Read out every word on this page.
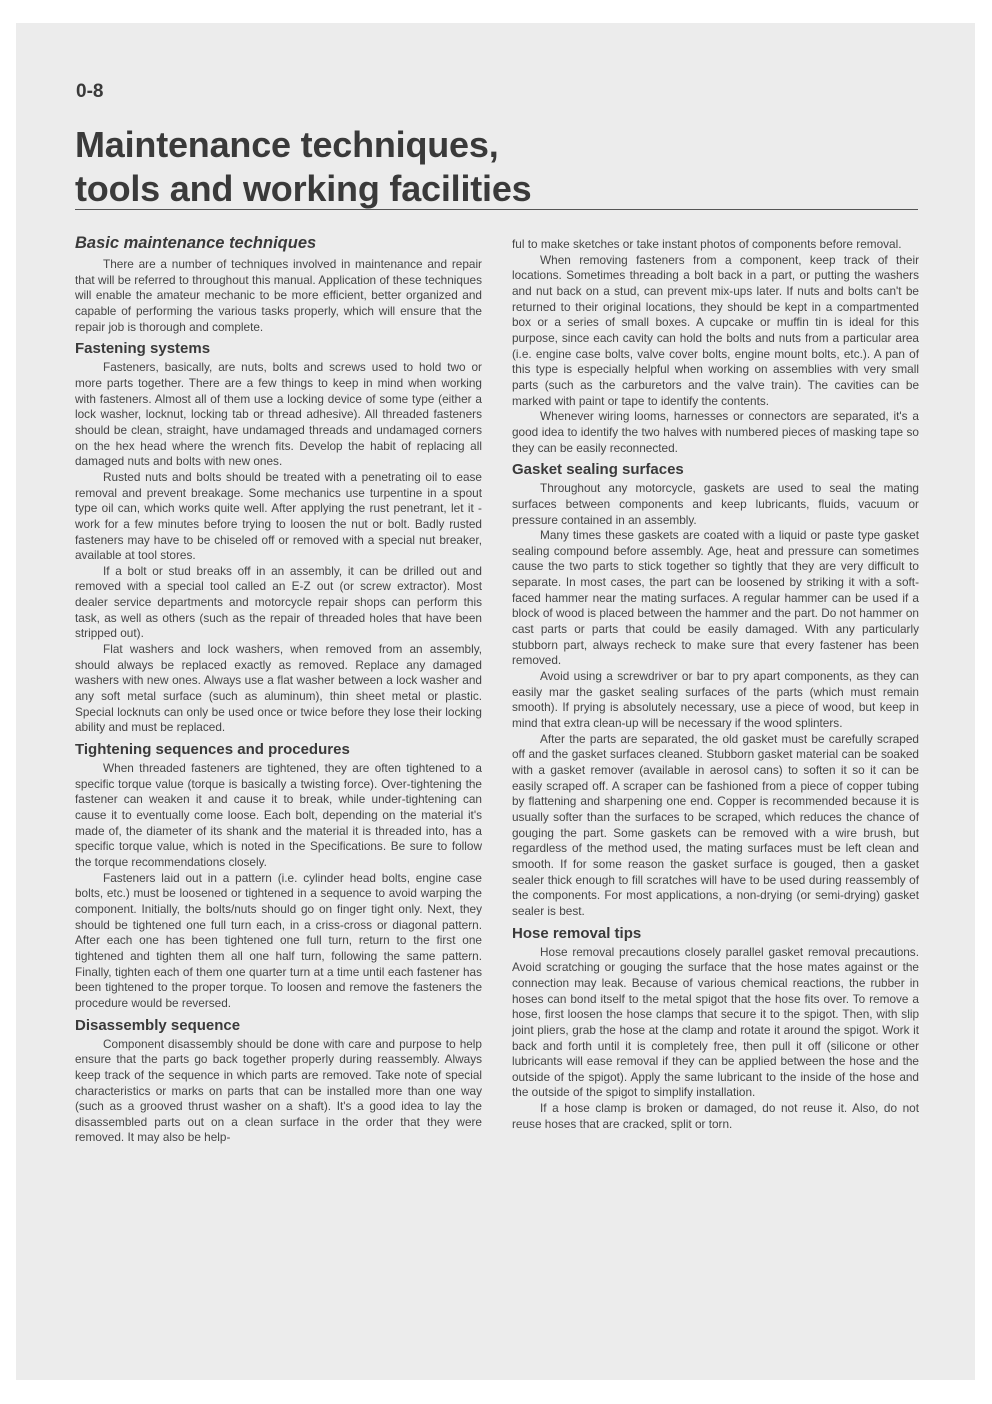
0-8

Maintenance techniques,
tools and working facilities
Basic maintenance techniques

There are a number of techniques involved in maintenance and repair that will be referred to throughout this manual. Application of these techniques will enable the amateur mechanic to be more efficient, better organized and capable of performing the various tasks properly, which will ensure that the repair job is thorough and complete.

Fastening systems

Fasteners, basically, are nuts, bolts and screws used to hold two or more parts together. There are a few things to keep in mind when working with fasteners. Almost all of them use a locking device of some type (either a lock washer, locknut, locking tab or thread adhesive). All threaded fasteners should be clean, straight, have undamaged threads and undamaged corners on the hex head where the wrench fits. Develop the habit of replacing all damaged nuts and bolts with new ones.

Rusted nuts and bolts should be treated with a penetrating oil to ease removal and prevent breakage. Some mechanics use turpentine in a spout type oil can, which works quite well. After applying the rust penetrant, let it -work for a few minutes before trying to loosen the nut or bolt. Badly rusted fasteners may have to be chiseled off or removed with a special nut breaker, available at tool stores.

If a bolt or stud breaks off in an assembly, it can be drilled out and removed with a special tool called an E-Z out (or screw extractor). Most dealer service departments and motorcycle repair shops can perform this task, as well as others (such as the repair of threaded holes that have been stripped out).

Flat washers and lock washers, when removed from an assembly, should always be replaced exactly as removed. Replace any damaged washers with new ones. Always use a flat washer between a lock washer and any soft metal surface (such as aluminum), thin sheet metal or plastic. Special locknuts can only be used once or twice before they lose their locking ability and must be replaced.

Tightening sequences and procedures

When threaded fasteners are tightened, they are often tightened to a specific torque value (torque is basically a twisting force). Over-tightening the fastener can weaken it and cause it to break, while under-tightening can cause it to eventually come loose. Each bolt, depending on the material it's made of, the diameter of its shank and the material it is threaded into, has a specific torque value, which is noted in the Specifications. Be sure to follow the torque recommendations closely.

Fasteners laid out in a pattern (i.e. cylinder head bolts, engine case bolts, etc.) must be loosened or tightened in a sequence to avoid warping the component. Initially, the bolts/nuts should go on finger tight only. Next, they should be tightened one full turn each, in a criss-cross or diagonal pattern. After each one has been tightened one full turn, return to the first one tightened and tighten them all one half turn, following the same pattern. Finally, tighten each of them one quarter turn at a time until each fastener has been tightened to the proper torque. To loosen and remove the fasteners the procedure would be reversed.

Disassembly sequence

Component disassembly should be done with care and purpose to help ensure that the parts go back together properly during reassembly. Always keep track of the sequence in which parts are removed. Take note of special characteristics or marks on parts that can be installed more than one way (such as a grooved thrust washer on a shaft). It's a good idea to lay the disassembled parts out on a clean surface in the order that they were removed. It may also be help-

ful to make sketches or take instant photos of components before removal.

When removing fasteners from a component, keep track of their locations. Sometimes threading a bolt back in a part, or putting the washers and nut back on a stud, can prevent mix-ups later. If nuts and bolts can't be returned to their original locations, they should be kept in a compartmented box or a series of small boxes. A cupcake or muffin tin is ideal for this purpose, since each cavity can hold the bolts and nuts from a particular area (i.e. engine case bolts, valve cover bolts, engine mount bolts, etc.). A pan of this type is especially helpful when working on assemblies with very small parts (such as the carburetors and the valve train). The cavities can be marked with paint or tape to identify the contents.

Whenever wiring looms, harnesses or connectors are separated, it's a good idea to identify the two halves with numbered pieces of masking tape so they can be easily reconnected.

Gasket sealing surfaces

Throughout any motorcycle, gaskets are used to seal the mating surfaces between components and keep lubricants, fluids, vacuum or pressure contained in an assembly.

Many times these gaskets are coated with a liquid or paste type gasket sealing compound before assembly. Age, heat and pressure can sometimes cause the two parts to stick together so tightly that they are very difficult to separate. In most cases, the part can be loosened by striking it with a soft-faced hammer near the mating surfaces. A regular hammer can be used if a block of wood is placed between the hammer and the part. Do not hammer on cast parts or parts that could be easily damaged. With any particularly stubborn part, always recheck to make sure that every fastener has been removed.

Avoid using a screwdriver or bar to pry apart components, as they can easily mar the gasket sealing surfaces of the parts (which must remain smooth). If prying is absolutely necessary, use a piece of wood, but keep in mind that extra clean-up will be necessary if the wood splinters.

After the parts are separated, the old gasket must be carefully scraped off and the gasket surfaces cleaned. Stubborn gasket material can be soaked with a gasket remover (available in aerosol cans) to soften it so it can be easily scraped off. A scraper can be fashioned from a piece of copper tubing by flattening and sharpening one end. Copper is recommended because it is usually softer than the surfaces to be scraped, which reduces the chance of gouging the part. Some gaskets can be removed with a wire brush, but regardless of the method used, the mating surfaces must be left clean and smooth. If for some reason the gasket surface is gouged, then a gasket sealer thick enough to fill scratches will have to be used during reassembly of the components. For most applications, a non-drying (or semi-drying) gasket sealer is best.

Hose removal tips

Hose removal precautions closely parallel gasket removal precautions. Avoid scratching or gouging the surface that the hose mates against or the connection may leak. Because of various chemical reactions, the rubber in hoses can bond itself to the metal spigot that the hose fits over. To remove a hose, first loosen the hose clamps that secure it to the spigot. Then, with slip joint pliers, grab the hose at the clamp and rotate it around the spigot. Work it back and forth until it is completely free, then pull it off (silicone or other lubricants will ease removal if they can be applied between the hose and the outside of the spigot). Apply the same lubricant to the inside of the hose and the outside of the spigot to simplify installation.

If a hose clamp is broken or damaged, do not reuse it. Also, do not reuse hoses that are cracked, split or torn.
